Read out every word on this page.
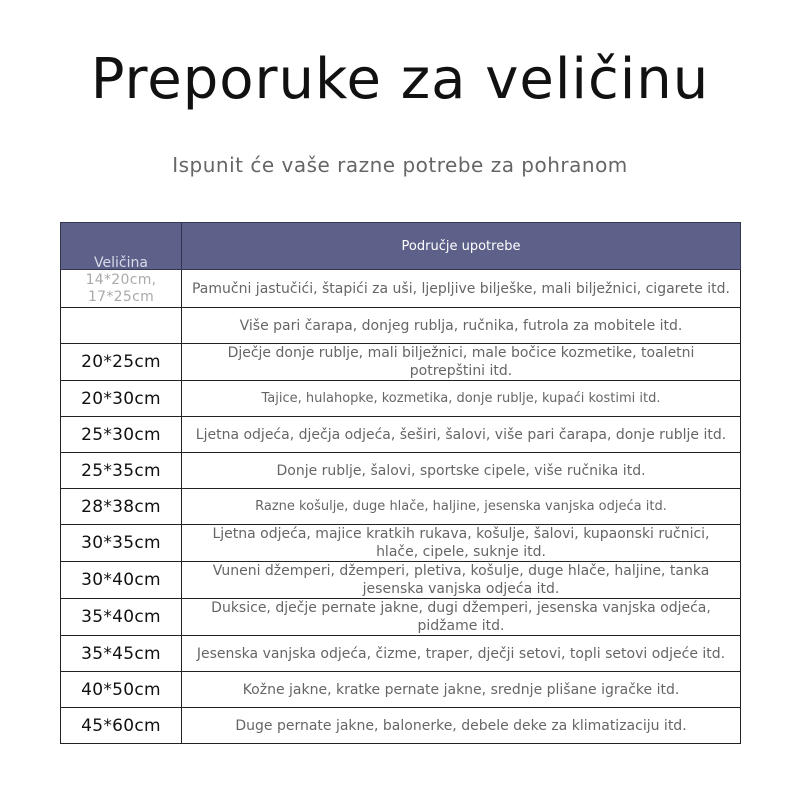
Preporuke za veličinu
Ispunit će vaše razne potrebe za pohranom
Veličina	Područje upotrebe
14*20cm, 17*25cm	Pamučni jastučići, štapići za uši, ljepljive bilješke, mali bilježnici, cigarete itd.
	Više pari čarapa, donjeg rublja, ručnika, futrola za mobitele itd.
20*25cm	Dječje donje rublje, mali bilježnici, male bočice kozmetike, toaletni potrepštini itd.
20*30cm	Tajice, hulahopke, kozmetika, donje rublje, kupaći kostimi itd.
25*30cm	Ljetna odjeća, dječja odjeća, šeširi, šalovi, više pari čarapa, donje rublje itd.
25*35cm	Donje rublje, šalovi, sportske cipele, više ručnika itd.
28*38cm	Razne košulje, duge hlače, haljine, jesenska vanjska odjeća itd.
30*35cm	Ljetna odjeća, majice kratkih rukava, košulje, šalovi, kupaonski ručnici, hlače, cipele, suknje itd.
30*40cm	Vuneni džemperi, džemperi, pletiva, košulje, duge hlače, haljine, tanka jesenska vanjska odjeća itd.
35*40cm	Duksice, dječje pernate jakne, dugi džemperi, jesenska vanjska odjeća, pidžame itd.
35*45cm	Jesenska vanjska odjeća, čizme, traper, dječji setovi, topli setovi odjeće itd.
40*50cm	Kožne jakne, kratke pernate jakne, srednje plišane igračke itd.
45*60cm	Duge pernate jakne, balonerke, debele deke za klimatizaciju itd.
